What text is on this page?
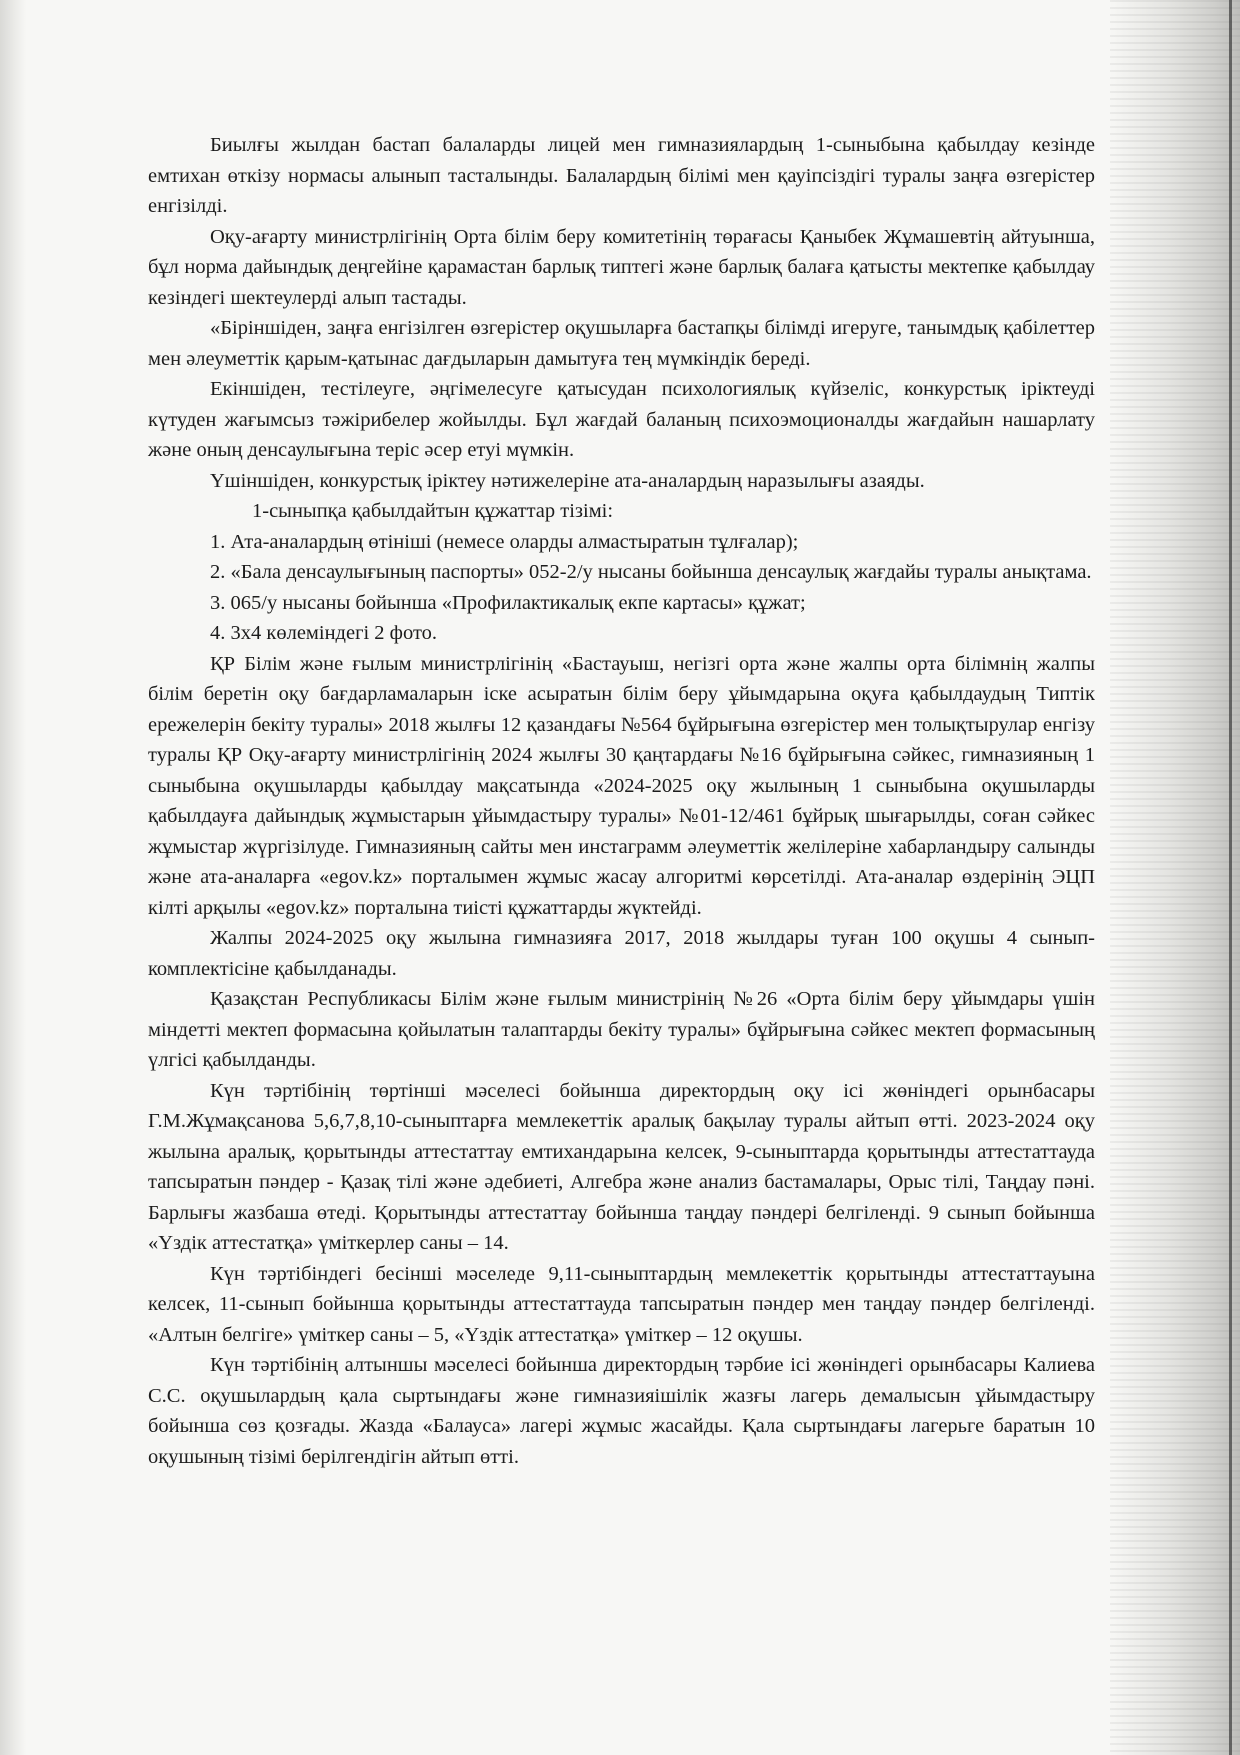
Биылғы жылдан бастап балаларды лицей мен гимназиялардың 1-сыныбына қабылдау кезінде емтихан өткізу нормасы алынып тасталынды. Балалардың білімі мен қауіпсіздігі туралы заңға өзгерістер енгізілді.

Оқу-ағарту министрлігінің Орта білім беру комитетінің төрағасы Қаныбек Жұмашевтің айтуынша, бұл норма дайындық деңгейіне қарамастан барлық типтегі және барлық балаға қатысты мектепке қабылдау кезіндегі шектеулерді алып тастады.

«Біріншіден, заңға енгізілген өзгерістер оқушыларға бастапқы білімді игеруге, танымдық қабілеттер мен әлеуметтік қарым-қатынас дағдыларын дамытуға тең мүмкіндік береді.

Екіншіден, тестілеуге, әңгімелесуге қатысудан психологиялық күйзеліс, конкурстық іріктеуді күтуден жағымсыз тәжірибелер жойылды. Бұл жағдай баланың психоэмоционалды жағдайын нашарлату және оның денсаулығына теріс әсер етуі мүмкін.

Үшіншіден, конкурстық іріктеу нәтижелеріне ата-аналардың наразылығы азаяды.

1-сыныпқа қабылдайтын құжаттар тізімі:

1. Ата-аналардың өтініші (немесе оларды алмастыратын тұлғалар);

2. «Бала денсаулығының паспорты» 052-2/у нысаны бойынша денсаулық жағдайы туралы анықтама.

3. 065/у нысаны бойынша «Профилактикалық екпе картасы» құжат;

4. 3х4 көлеміндегі 2 фото.

ҚР Білім және ғылым министрлігінің «Бастауыш, негізгі орта және жалпы орта білімнің жалпы білім беретін оқу бағдарламаларын іске асыратын білім беру ұйымдарына оқуға қабылдаудың Типтік ережелерін бекіту туралы» 2018 жылғы 12 қазандағы №564 бұйрығына өзгерістер мен толықтырулар енгізу туралы ҚР Оқу-ағарту министрлігінің 2024 жылғы 30 қаңтардағы №16 бұйрығына сәйкес, гимназияның 1 сыныбына оқушыларды қабылдау мақсатында «2024-2025 оқу жылының 1 сыныбына оқушыларды қабылдауға дайындық жұмыстарын ұйымдастыру туралы» №01-12/461 бұйрық шығарылды, соған сәйкес жұмыстар жүргізілуде. Гимназияның сайты мен инстаграмм әлеуметтік желілеріне хабарландыру салынды және ата-аналарға «egov.kz» порталымен жұмыс жасау алгоритмі көрсетілді. Ата-аналар өздерінің ЭЦП кілті арқылы «egov.kz» порталына тиісті құжаттарды жүктейді.

Жалпы 2024-2025 оқу жылына гимназияға 2017, 2018 жылдары туған 100 оқушы 4 сынып-комплектісіне қабылданады.

Қазақстан Республикасы Білім және ғылым министрінің №26 «Орта білім беру ұйымдары үшін міндетті мектеп формасына қойылатын талаптарды бекіту туралы» бұйрығына сәйкес мектеп формасының үлгісі қабылданды.

Күн тәртібінің төртінші мәселесі бойынша директордың оқу ісі жөніндегі орынбасары Г.М.Жұмақсанова 5,6,7,8,10-сыныптарға мемлекеттік аралық бақылау туралы айтып өтті. 2023-2024 оқу жылына аралық, қорытынды аттестаттау емтихандарына келсек, 9-сыныптарда қорытынды аттестаттауда тапсыратын пәндер - Қазақ тілі және әдебиеті, Алгебра және анализ бастамалары, Орыс тілі, Таңдау пәні. Барлығы жазбаша өтеді. Қорытынды аттестаттау бойынша таңдау пәндері белгіленді. 9 сынып бойынша «Үздік аттестатқа» үміткерлер саны – 14.

Күн тәртібіндегі бесінші мәселеде 9,11-сыныптардың мемлекеттік қорытынды аттестаттауына келсек, 11-сынып бойынша қорытынды аттестаттауда тапсыратын пәндер мен таңдау пәндер белгіленді. «Алтын белгіге» үміткер саны – 5, «Үздік аттестатқа» үміткер – 12 оқушы.

Күн тәртібінің алтыншы мәселесі бойынша директордың тәрбие ісі жөніндегі орынбасары Калиева С.С. оқушылардың қала сыртындағы және гимназияішілік жазғы лагерь демалысын ұйымдастыру бойынша сөз қозғады. Жазда «Балауса» лагері жұмыс жасайды. Қала сыртындағы лагерьге баратын 10 оқушының тізімі берілгендігін айтып өтті.
